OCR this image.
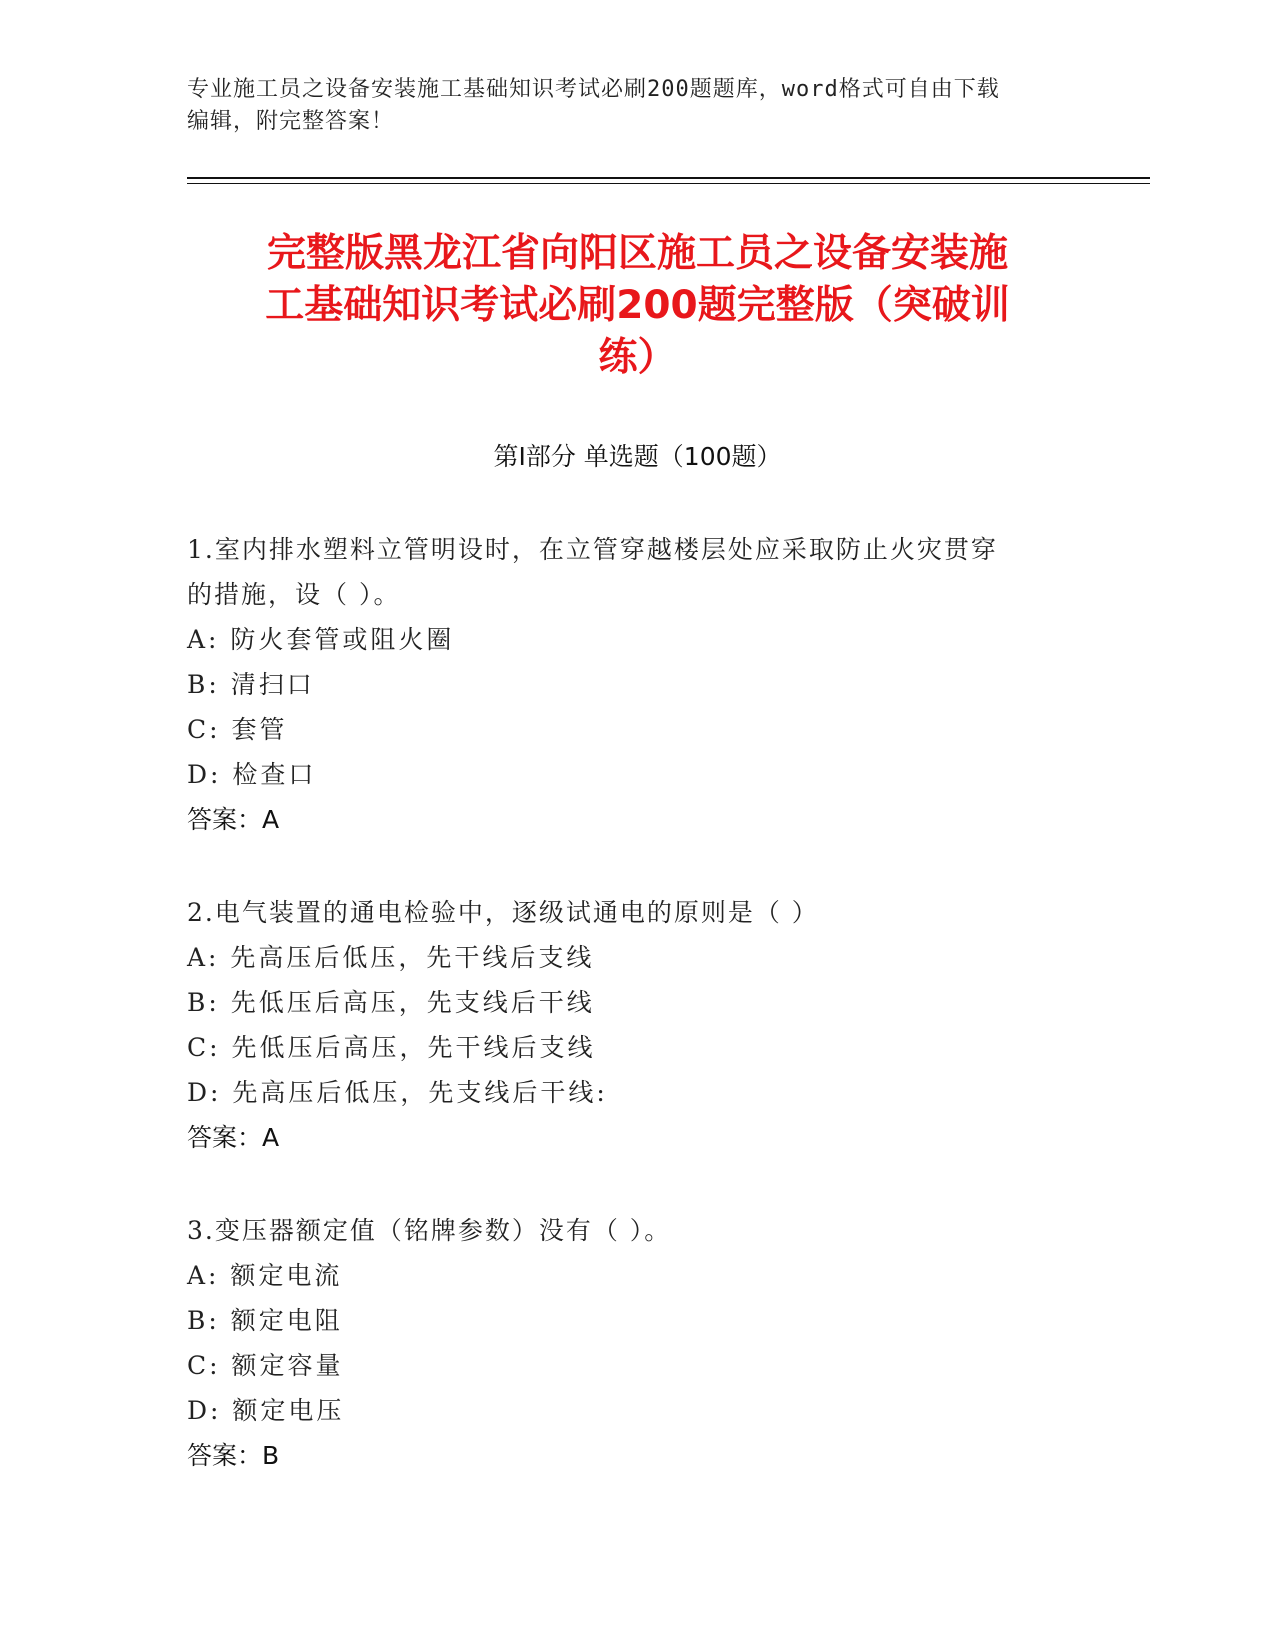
专业施工员之设备安装施工基础知识考试必刷200题题库，word格式可自由下载
编辑，附完整答案！
完整版黑龙江省向阳区施工员之设备安装施
工基础知识考试必刷200题完整版（突破训
练）
第Ⅰ部分 单选题（100题）
1.室内排水塑料立管明设时，在立管穿越楼层处应采取防止火灾贯穿
的措施，设（ ）。
A: 防火套管或阻火圈
B: 清扫口
C: 套管
D: 检查口
答案：A
2.电气装置的通电检验中，逐级试通电的原则是（ ）
A: 先高压后低压，先干线后支线
B: 先低压后高压，先支线后干线
C: 先低压后高压，先干线后支线
D: 先高压后低压，先支线后干线:
答案：A
3.变压器额定值（铭牌参数）没有（ ）。
A: 额定电流
B: 额定电阻
C: 额定容量
D: 额定电压
答案：B
